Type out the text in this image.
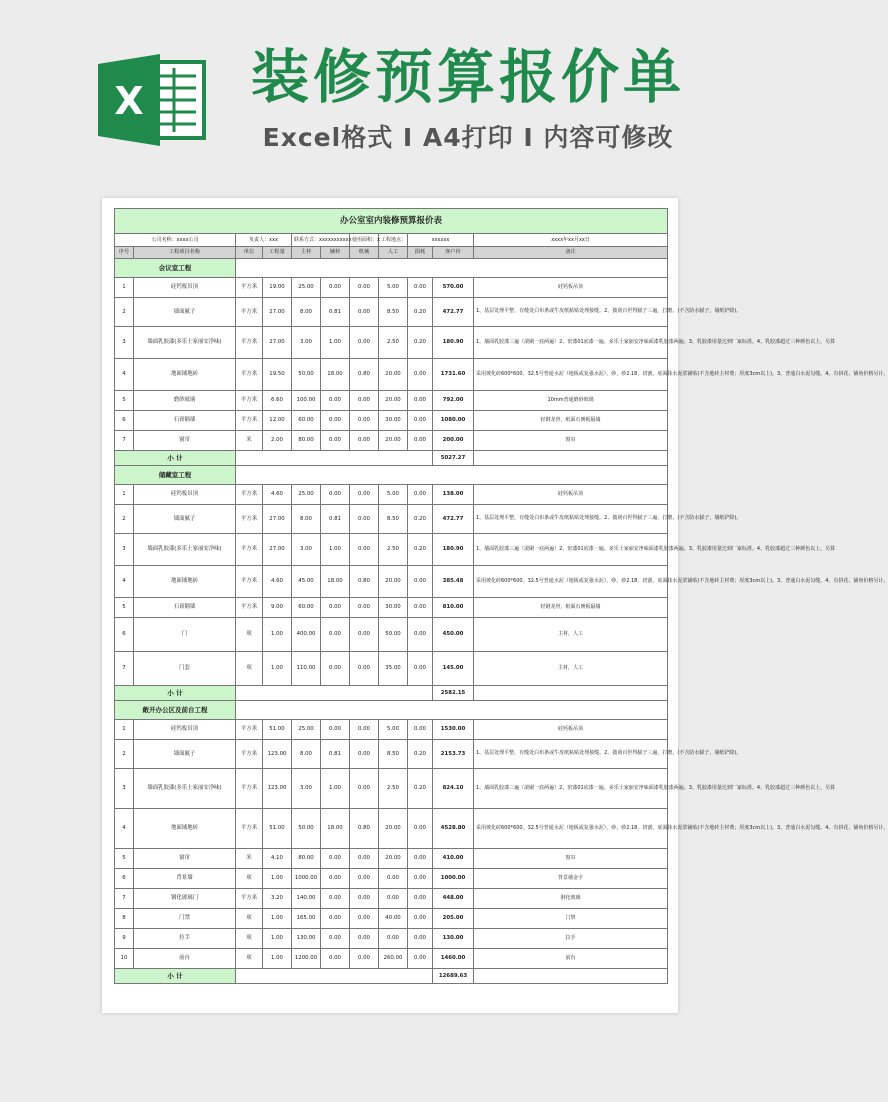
X 装修预算报价单
Excel格式 I A4打印 I 内容可修改
办公室室内装修预算报价表										
公司名称：xxxx公司		负责人：xxx		联系方式：xxxxxxxxxxx		使用面积：x	工程地点：	xxxxxx		xxxx年xx月xx日
序号	工程项目名称	单位	工程量	主材	辅材	机械	人工	损耗	客户价	备注
会议室工程										
1	硅钙板吊顶	平方米	19.00	25.00	0.00	0.00	5.00	0.00	570.00	硅钙板吊顶
2	墙面腻子	平方米	27.00	8.00	0.81	0.00	8.50	0.20	472.77	1、基层处理平整，有缝处白布条或牛皮纸粘贴处理接缝。2、披刮百世得腻子三遍，打磨。(不含防水腻子，墙纸铲除)。
3	墙面乳胶漆(多乐士家丽安净味)	平方米	27.00	3.00	1.00	0.00	2.50	0.20	180.90	1、墙面乳胶漆三遍（滚刷一底两遍）2、密漆01底漆一遍、多乐士家丽安净味面漆乳胶漆两遍。3、乳胶漆用量达到厂家标准。4、乳胶漆超过三种颜色以上，另算
4	地面铺地砖	平方米	19.50	50.00	18.00	0.80	20.00	0.00	1731.60	采用玻化砖600*600。32.5号普通水泥（地板或复强水泥），砂，砂2.18，切割。底面抹水泥浆铺贴(不含地砖主材费；厚度3cm以上)。3、普通白水泥勾缝。4、有拼花、铺角价格另计。
5	磨砂玻璃	平方米	6.60	100.00	0.00	0.00	20.00	0.00	792.00	10mm普通磨砂玻璃
6	石膏隔墙	平方米	12.00	60.00	0.00	0.00	30.00	0.00	1080.00	轻钢龙骨，纸面石膏板隔墙
7	窗帘	米	2.00	80.00	0.00	0.00	20.00	0.00	200.00	窗帘
小 计									5027.27	
储藏室工程										
1	硅钙板吊顶	平方米	4.60	25.00	0.00	0.00	5.00	0.00	138.00	硅钙板吊顶
2	墙面腻子	平方米	27.00	8.00	0.81	0.00	8.50	0.20	472.77	1、基层处理平整，有缝处白布条或牛皮纸粘贴处理接缝。2、披刮百世得腻子三遍，打磨。(不含防水腻子，墙纸铲除)。
3	墙面乳胶漆(多乐士家丽安净味)	平方米	27.00	3.00	1.00	0.00	2.50	0.20	180.90	1、墙面乳胶漆三遍（滚刷一底两遍）2、密漆01底漆一遍、多乐士家丽安净味面漆乳胶漆两遍。3、乳胶漆用量达到厂家标准。4、乳胶漆超过三种颜色以上，另算
4	地面铺地砖	平方米	4.60	45.00	18.00	0.80	20.00	0.00	385.48	采用玻化砖600*600。32.5号普通水泥（地板或复强水泥），砂，砂2.18，切割。底面抹水泥浆铺贴(不含地砖主材费；厚度3cm以上)。3、普通白水泥勾缝。4、有拼花、铺角价格另计。
5	石膏隔墙	平方米	9.00	60.00	0.00	0.00	30.00	0.00	810.00	轻钢龙骨，纸面石膏板隔墙
6	门	项	1.00	400.00	0.00	0.00	50.00	0.00	450.00	主材，人工
7	门套	项	1.00	110.00	0.00	0.00	35.00	0.00	145.00	主材，人工
小 计									2582.15	
敞开办公区及前台工程										
1	硅钙板吊顶	平方米	51.00	25.00	0.00	0.00	5.00	0.00	1530.00	硅钙板吊顶
2	墙面腻子	平方米	123.00	8.00	0.81	0.00	8.50	0.20	2153.73	1、基层处理平整，有缝处白布条或牛皮纸粘贴处理接缝。2、披刮百世得腻子三遍，打磨。(不含防水腻子，墙纸铲除)。
3	墙面乳胶漆(多乐士家丽安净味)	平方米	123.00	3.00	1.00	0.00	2.50	0.20	824.10	1、墙面乳胶漆三遍（滚刷一底两遍）2、密漆01底漆一遍、多乐士家丽安净味面漆乳胶漆两遍。3、乳胶漆用量达到厂家标准。4、乳胶漆超过三种颜色以上，另算
4	地面铺地砖	平方米	51.00	50.00	18.00	0.80	20.00	0.00	4528.80	采用玻化砖600*600。32.5号普通水泥（地板或复强水泥），砂，砂2.18，切割。底面抹水泥浆铺贴(不含地砖主材费；厚度3cm以上)。3、普通白水泥勾缝。4、有拼花、铺角价格另计。
5	窗帘	米	4.10	80.00	0.00	0.00	20.00	0.00	410.00	窗帘
6	背景墙	项	1.00	1000.00	0.00	0.00	0.00	0.00	1000.00	背景墙金字
7	钢化玻璃门	平方米	3.20	140.00	0.00	0.00	0.00	0.00	448.00	钢化玻璃
8	门禁	项	1.00	165.00	0.00	0.00	40.00	0.00	205.00	门禁
9	拉手	项	1.00	130.00	0.00	0.00	0.00	0.00	130.00	拉手
10	前台	项	1.00	1200.00	0.00	0.00	260.00	0.00	1460.00	前台
小 计									12689.63	
